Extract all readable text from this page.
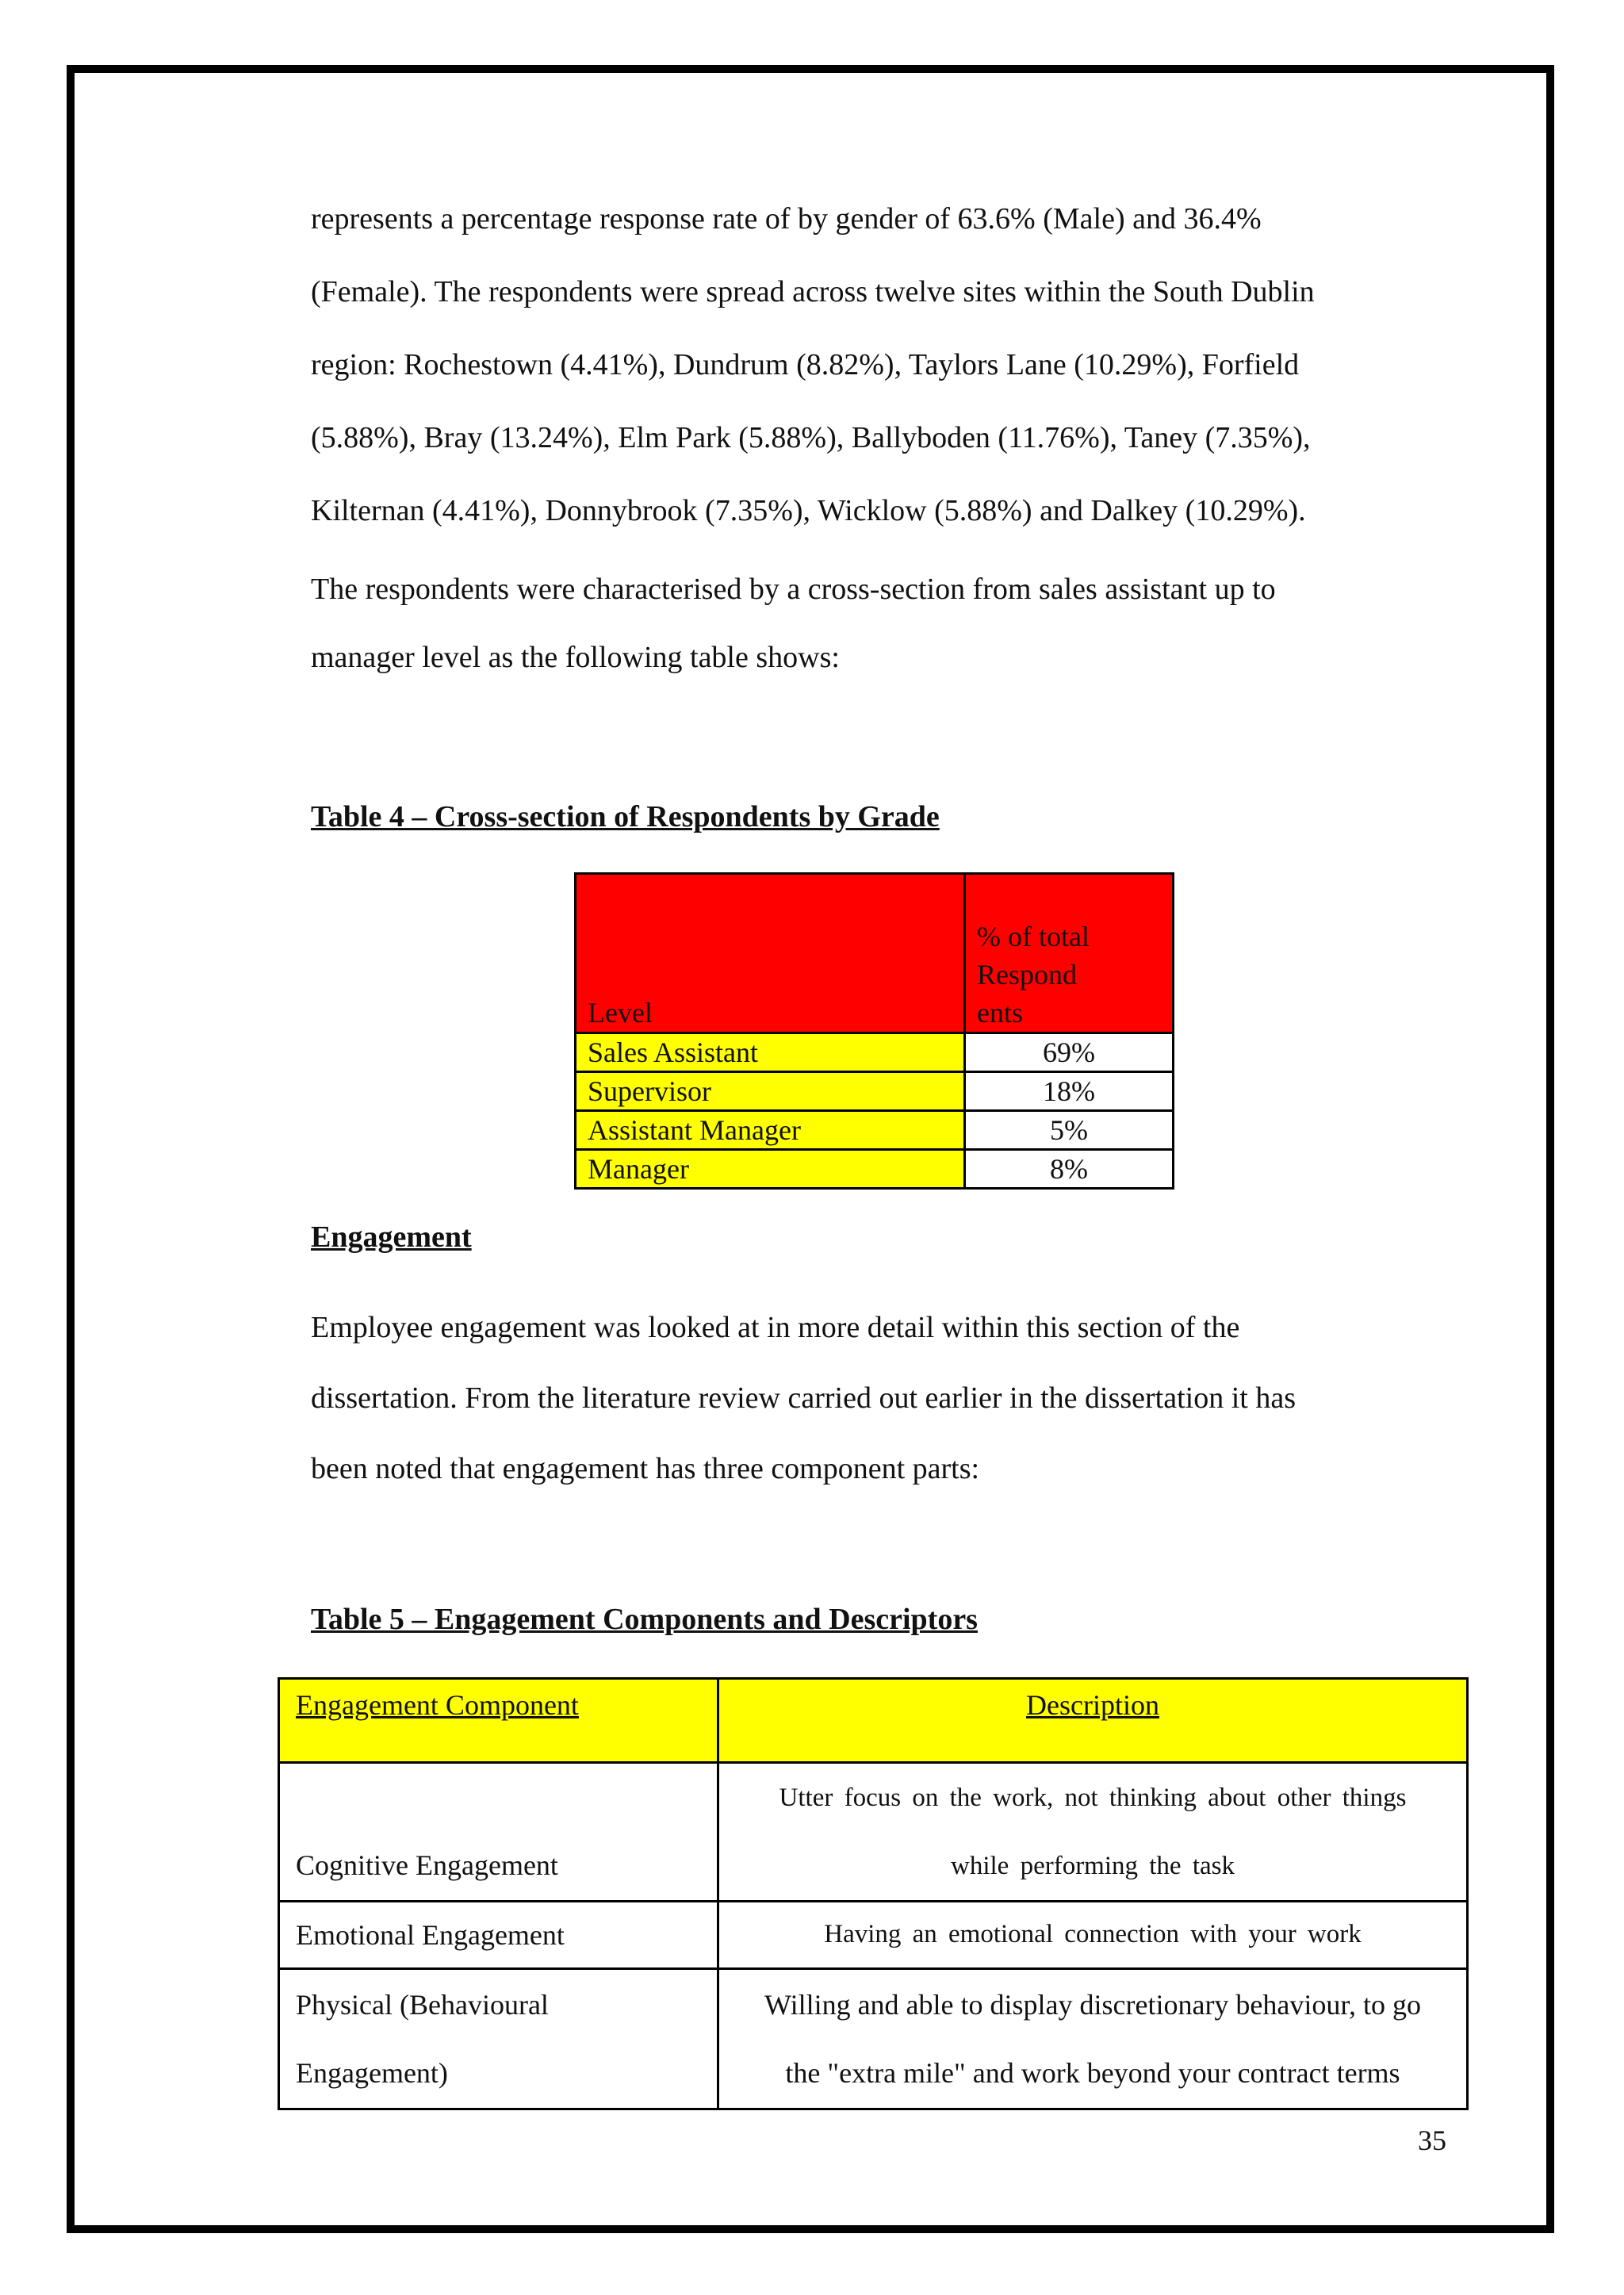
represents a percentage response rate of by gender of 63.6% (Male) and 36.4%
(Female). The respondents were spread across twelve sites within the South Dublin
region: Rochestown (4.41%), Dundrum (8.82%), Taylors Lane (10.29%), Forfield
(5.88%), Bray (13.24%), Elm Park (5.88%), Ballyboden (11.76%), Taney (7.35%),
Kilternan (4.41%), Donnybrook (7.35%), Wicklow (5.88%) and Dalkey (10.29%).

The respondents were characterised by a cross-section from sales assistant up to
manager level as the following table shows:

Table 4 – Cross-section of Respondents by Grade

Level	% of total
Respond
ents
Sales Assistant	69%
Supervisor	18%
Assistant Manager	5%
Manager	8%

Engagement

Employee engagement was looked at in more detail within this section of the
dissertation. From the literature review carried out earlier in the dissertation it has
been noted that engagement has three component parts:

Table 5 – Engagement Components and Descriptors

Engagement Component	Description
Cognitive Engagement	Utter focus on the work, not thinking about other things
while performing the task
Emotional Engagement	Having an emotional connection with your work
Physical (Behavioural
Engagement)	Willing and able to display discretionary behaviour, to go
the "extra mile" and work beyond your contract terms
35
